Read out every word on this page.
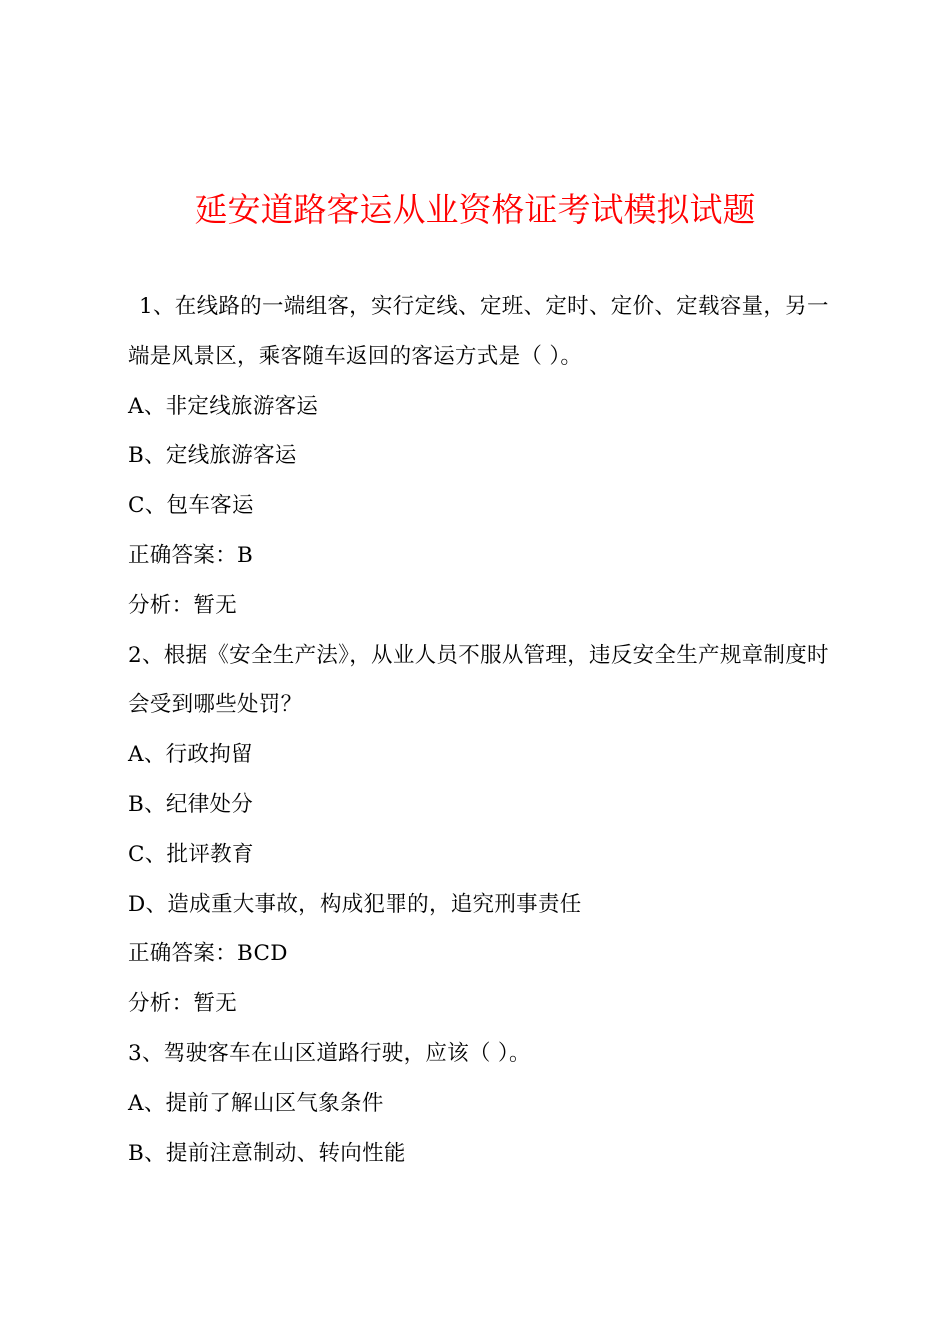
延安道路客运从业资格证考试模拟试题
1、在线路的一端组客，实行定线、定班、定时、定价、定载容量，另一
端是风景区，乘客随车返回的客运方式是（ ）。
A、非定线旅游客运
B、定线旅游客运
C、包车客运
正确答案：B
分析：暂无
2、根据《安全生产法》，从业人员不服从管理，违反安全生产规章制度时
会受到哪些处罚？
A、行政拘留
B、纪律处分
C、批评教育
D、造成重大事故，构成犯罪的，追究刑事责任
正确答案：BCD
分析：暂无
3、驾驶客车在山区道路行驶，应该（ ）。
A、提前了解山区气象条件
B、提前注意制动、转向性能
